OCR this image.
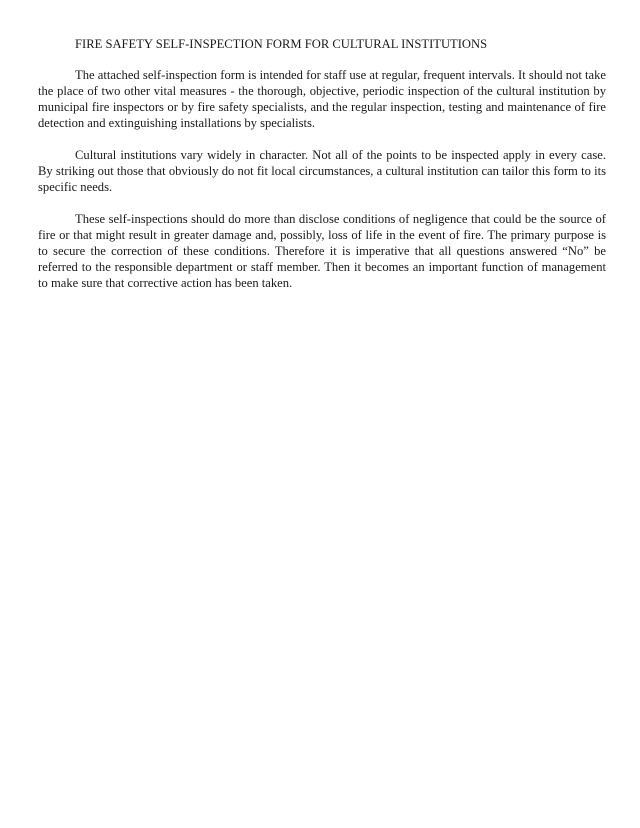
FIRE SAFETY SELF-INSPECTION FORM FOR CULTURAL INSTITUTIONS

The attached self-inspection form is intended for staff use at regular, frequent intervals. It should not take the place of two other vital measures - the thorough, objective, periodic inspection of the cultural institution by municipal fire inspectors or by fire safety specialists, and the regular inspection, testing and maintenance of fire detection and extinguishing installations by specialists.

Cultural institutions vary widely in character. Not all of the points to be inspected apply in every case. By striking out those that obviously do not fit local circumstances, a cultural institution can tailor this form to its specific needs.

These self-inspections should do more than disclose conditions of negligence that could be the source of fire or that might result in greater damage and, possibly, loss of life in the event of fire. The primary purpose is to secure the correction of these conditions. Therefore it is imperative that all questions answered “No” be referred to the responsible department or staff member. Then it becomes an important function of management to make sure that corrective action has been taken.
